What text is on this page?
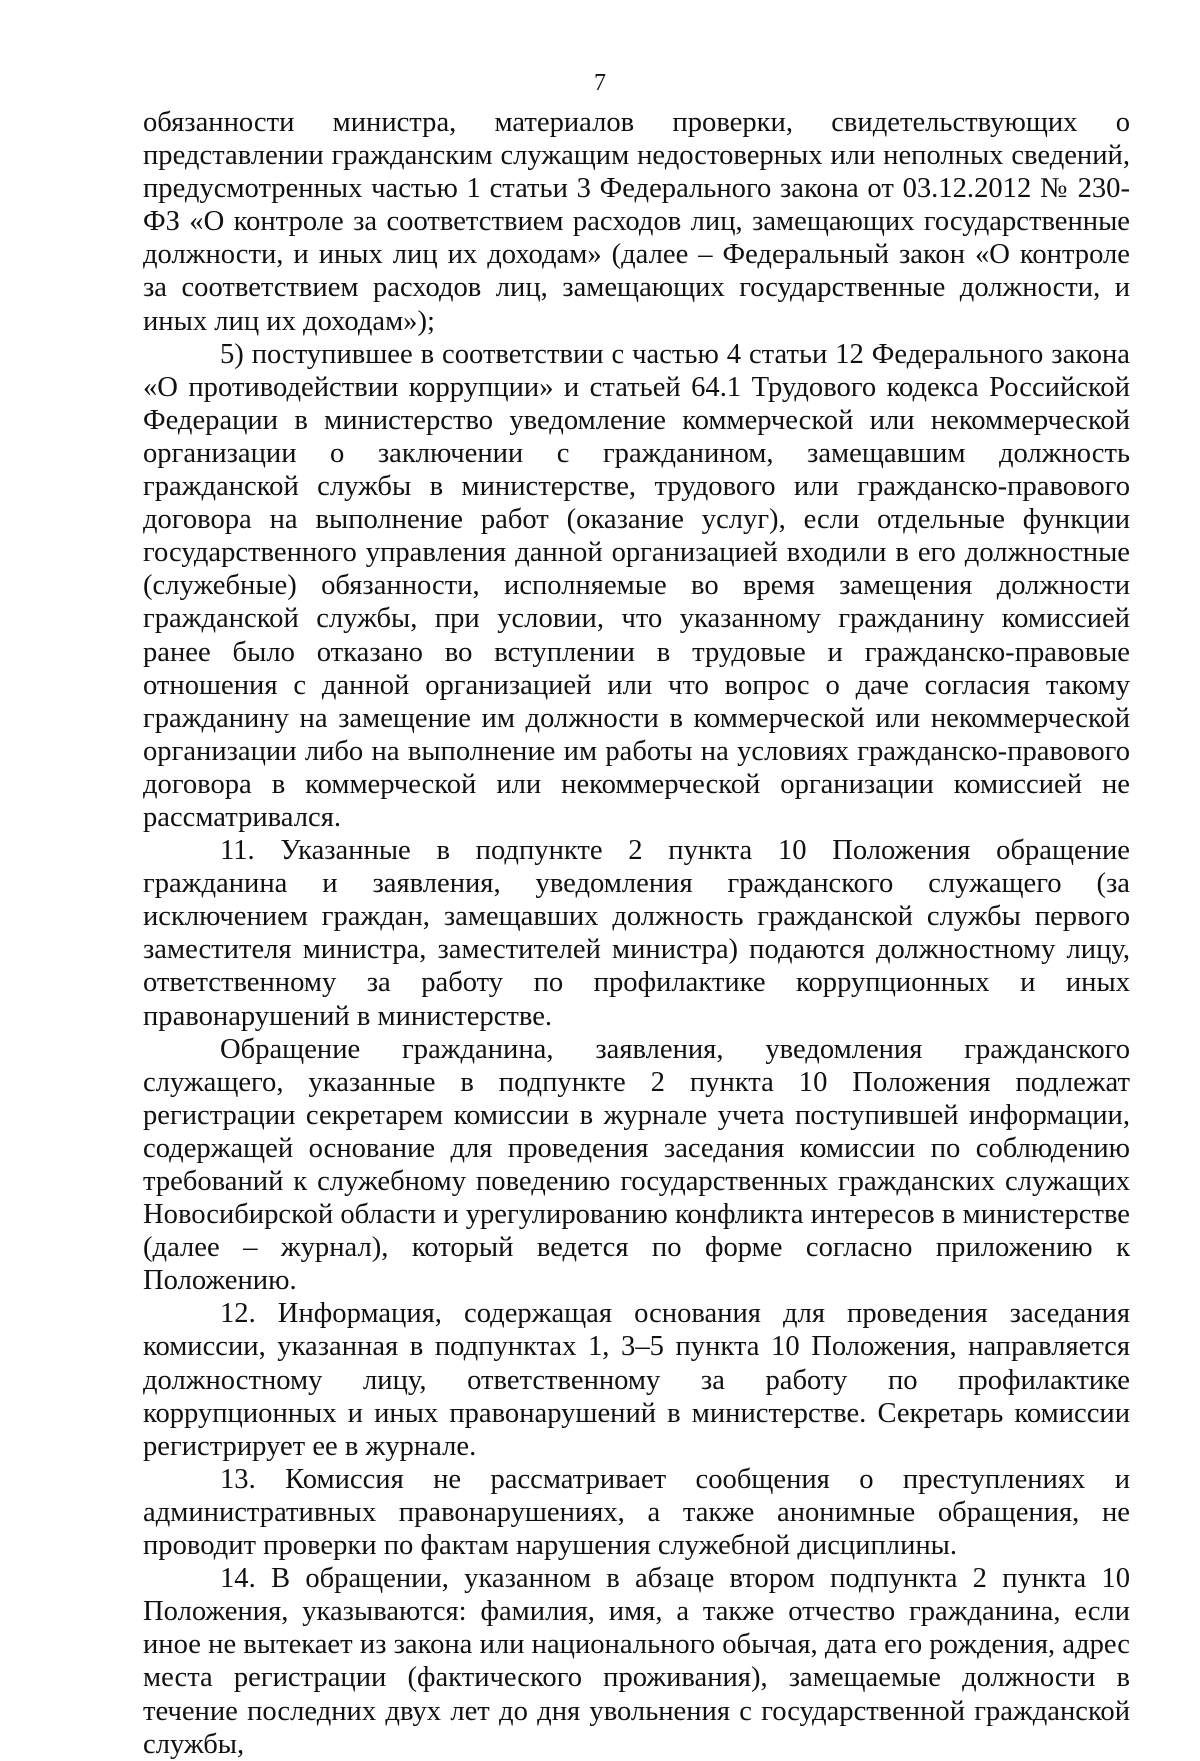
7

обязанности министра, материалов проверки, свидетельствующих о представлении гражданским служащим недостоверных или неполных сведений, предусмотренных частью 1 статьи 3 Федерального закона от 03.12.2012 № 230-ФЗ «О контроле за соответствием расходов лиц, замещающих государственные должности, и иных лиц их доходам» (далее – Федеральный закон «О контроле за соответствием расходов лиц, замещающих государственные должности, и иных лиц их доходам»);

5) поступившее в соответствии с частью 4 статьи 12 Федерального закона «О противодействии коррупции» и статьей 64.1 Трудового кодекса Российской Федерации в министерство уведомление коммерческой или некоммерческой организации о заключении с гражданином, замещавшим должность гражданской службы в министерстве, трудового или гражданско-правового договора на выполнение работ (оказание услуг), если отдельные функции государственного управления данной организацией входили в его должностные (служебные) обязанности, исполняемые во время замещения должности гражданской службы, при условии, что указанному гражданину комиссией ранее было отказано во вступлении в трудовые и гражданско-правовые отношения с данной организацией или что вопрос о даче согласия такому гражданину на замещение им должности в коммерческой или некоммерческой организации либо на выполнение им работы на условиях гражданско-правового договора в коммерческой или некоммерческой организации комиссией не рассматривался.

11. Указанные в подпункте 2 пункта 10 Положения обращение гражданина и заявления, уведомления гражданского служащего (за исключением граждан, замещавших должность гражданской службы первого заместителя министра, заместителей министра) подаются должностному лицу, ответственному за работу по профилактике коррупционных и иных правонарушений в министерстве.

Обращение гражданина, заявления, уведомления гражданского служащего, указанные в подпункте 2 пункта 10 Положения подлежат регистрации секретарем комиссии в журнале учета поступившей информации, содержащей основание для проведения заседания комиссии по соблюдению требований к служебному поведению государственных гражданских служащих Новосибирской области и урегулированию конфликта интересов в министерстве (далее – журнал), который ведется по форме согласно приложению к Положению.

12. Информация, содержащая основания для проведения заседания комиссии, указанная в подпунктах 1, 3–5 пункта 10 Положения, направляется должностному лицу, ответственному за работу по профилактике коррупционных и иных правонарушений в министерстве. Секретарь комиссии регистрирует ее в журнале.

13. Комиссия не рассматривает сообщения о преступлениях и административных правонарушениях, а также анонимные обращения, не проводит проверки по фактам нарушения служебной дисциплины.

14. В обращении, указанном в абзаце втором подпункта 2 пункта 10 Положения, указываются: фамилия, имя, а также отчество гражданина, если иное не вытекает из закона или национального обычая, дата его рождения, адрес места регистрации (фактического проживания), замещаемые должности в течение последних двух лет до дня увольнения с государственной гражданской службы,
